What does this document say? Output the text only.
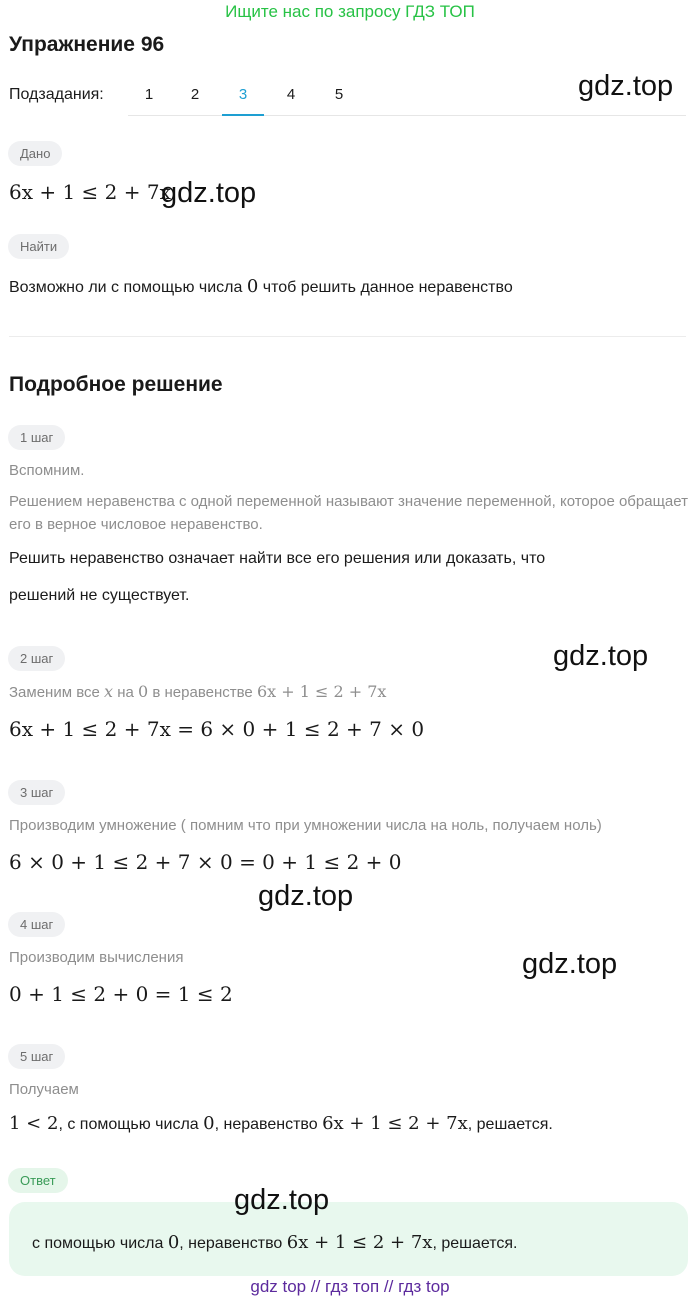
Ищите нас по запросу ГДЗ ТОП
Упражнение 96
Подзадания:	1	2	3	4	5	gdz.top
Дано
6x + 1 ≤ 2 + 7x
gdz.top
Найти
Возможно ли с помощью числа 0 чтоб решить данное неравенство
Подробное решение
1 шаг
Вспомним.
Решением неравенства с одной переменной называют значение переменной, которое обращает его в верное числовое неравенство.
Решить неравенство означает найти все его решения или доказать, что
решений не существует.
gdz.top
2 шаг
Заменим все x на 0 в неравенстве 6x + 1 ≤ 2 + 7x
6x + 1 ≤ 2 + 7x = 6 × 0 + 1 ≤ 2 + 7 × 0
3 шаг
Производим умножение ( помним что при умножении числа на ноль, получаем ноль)
6 × 0 + 1 ≤ 2 + 7 × 0 = 0 + 1 ≤ 2 + 0
gdz.top
4 шаг
Производим вычисления
0 + 1 ≤ 2 + 0 = 1 ≤ 2
gdz.top
5 шаг
Получаем
1 < 2, с помощью числа 0, неравенство 6x + 1 ≤ 2 + 7x, решается.
Ответ
gdz.top
с помощью числа 0, неравенство 6x + 1 ≤ 2 + 7x, решается.
gdz top // гдз топ // гдз top
